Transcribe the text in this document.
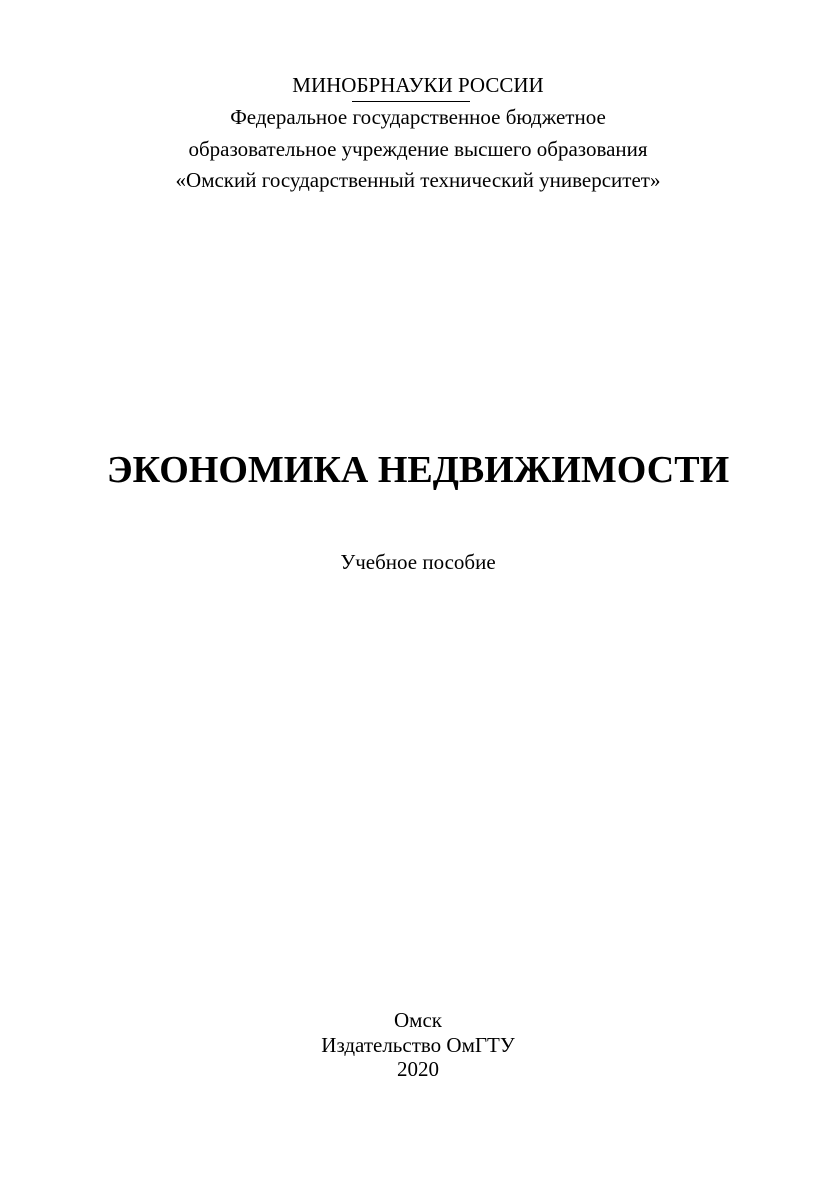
МИНОБРНАУКИ РОССИИ
Федеральное государственное бюджетное
образовательное учреждение высшего образования
«Омский государственный технический университет»
ЭКОНОМИКА НЕДВИЖИМОСТИ
Учебное пособие
Омск
Издательство ОмГТУ
2020
